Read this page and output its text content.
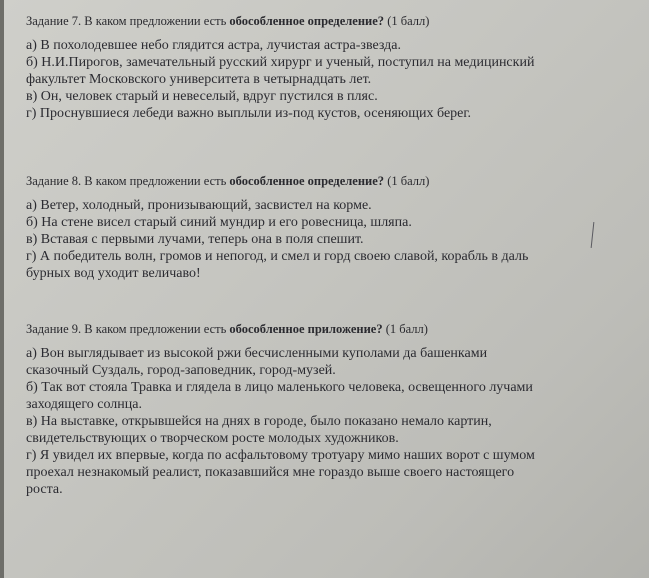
Задание 7. В каком предложении есть обособленное определение? (1 балл)

а) В похолодевшее небо глядится астра, лучистая астра-звезда.

б) Н.И.Пирогов, замечательный русский хирург и ученый, поступил на медицинский

факультет Московского университета в четырнадцать лет.

в) Он, человек старый и невеселый, вдруг пустился в пляс.

г) Проснувшиеся лебеди важно выплыли из-под кустов, осеняющих берег.

Задание 8. В каком предложении есть обособленное определение? (1 балл)

а) Ветер, холодный, пронизывающий, засвистел на корме.

б) На стене висел старый синий мундир и его ровесница, шляпа.

в) Вставая с первыми лучами, теперь она в поля спешит.

г) А победитель волн, громов и непогод, и смел и горд своею славой, корабль в даль

бурных вод уходит величаво!

Задание 9. В каком предложении есть обособленное приложение? (1 балл)

а) Вон выглядывает из высокой ржи бесчисленными куполами да башенками

сказочный Суздаль, город-заповедник, город-музей.

б) Так вот стояла Травка и глядела в лицо маленького человека, освещенного лучами

заходящего солнца.

в) На выставке, открывшейся на днях в городе, было показано немало картин,

свидетельствующих о творческом росте молодых художников.

г) Я увидел их впервые, когда по асфальтовому тротуару мимо наших ворот с шумом

проехал незнакомый реалист, показавшийся мне гораздо выше своего настоящего

роста.
